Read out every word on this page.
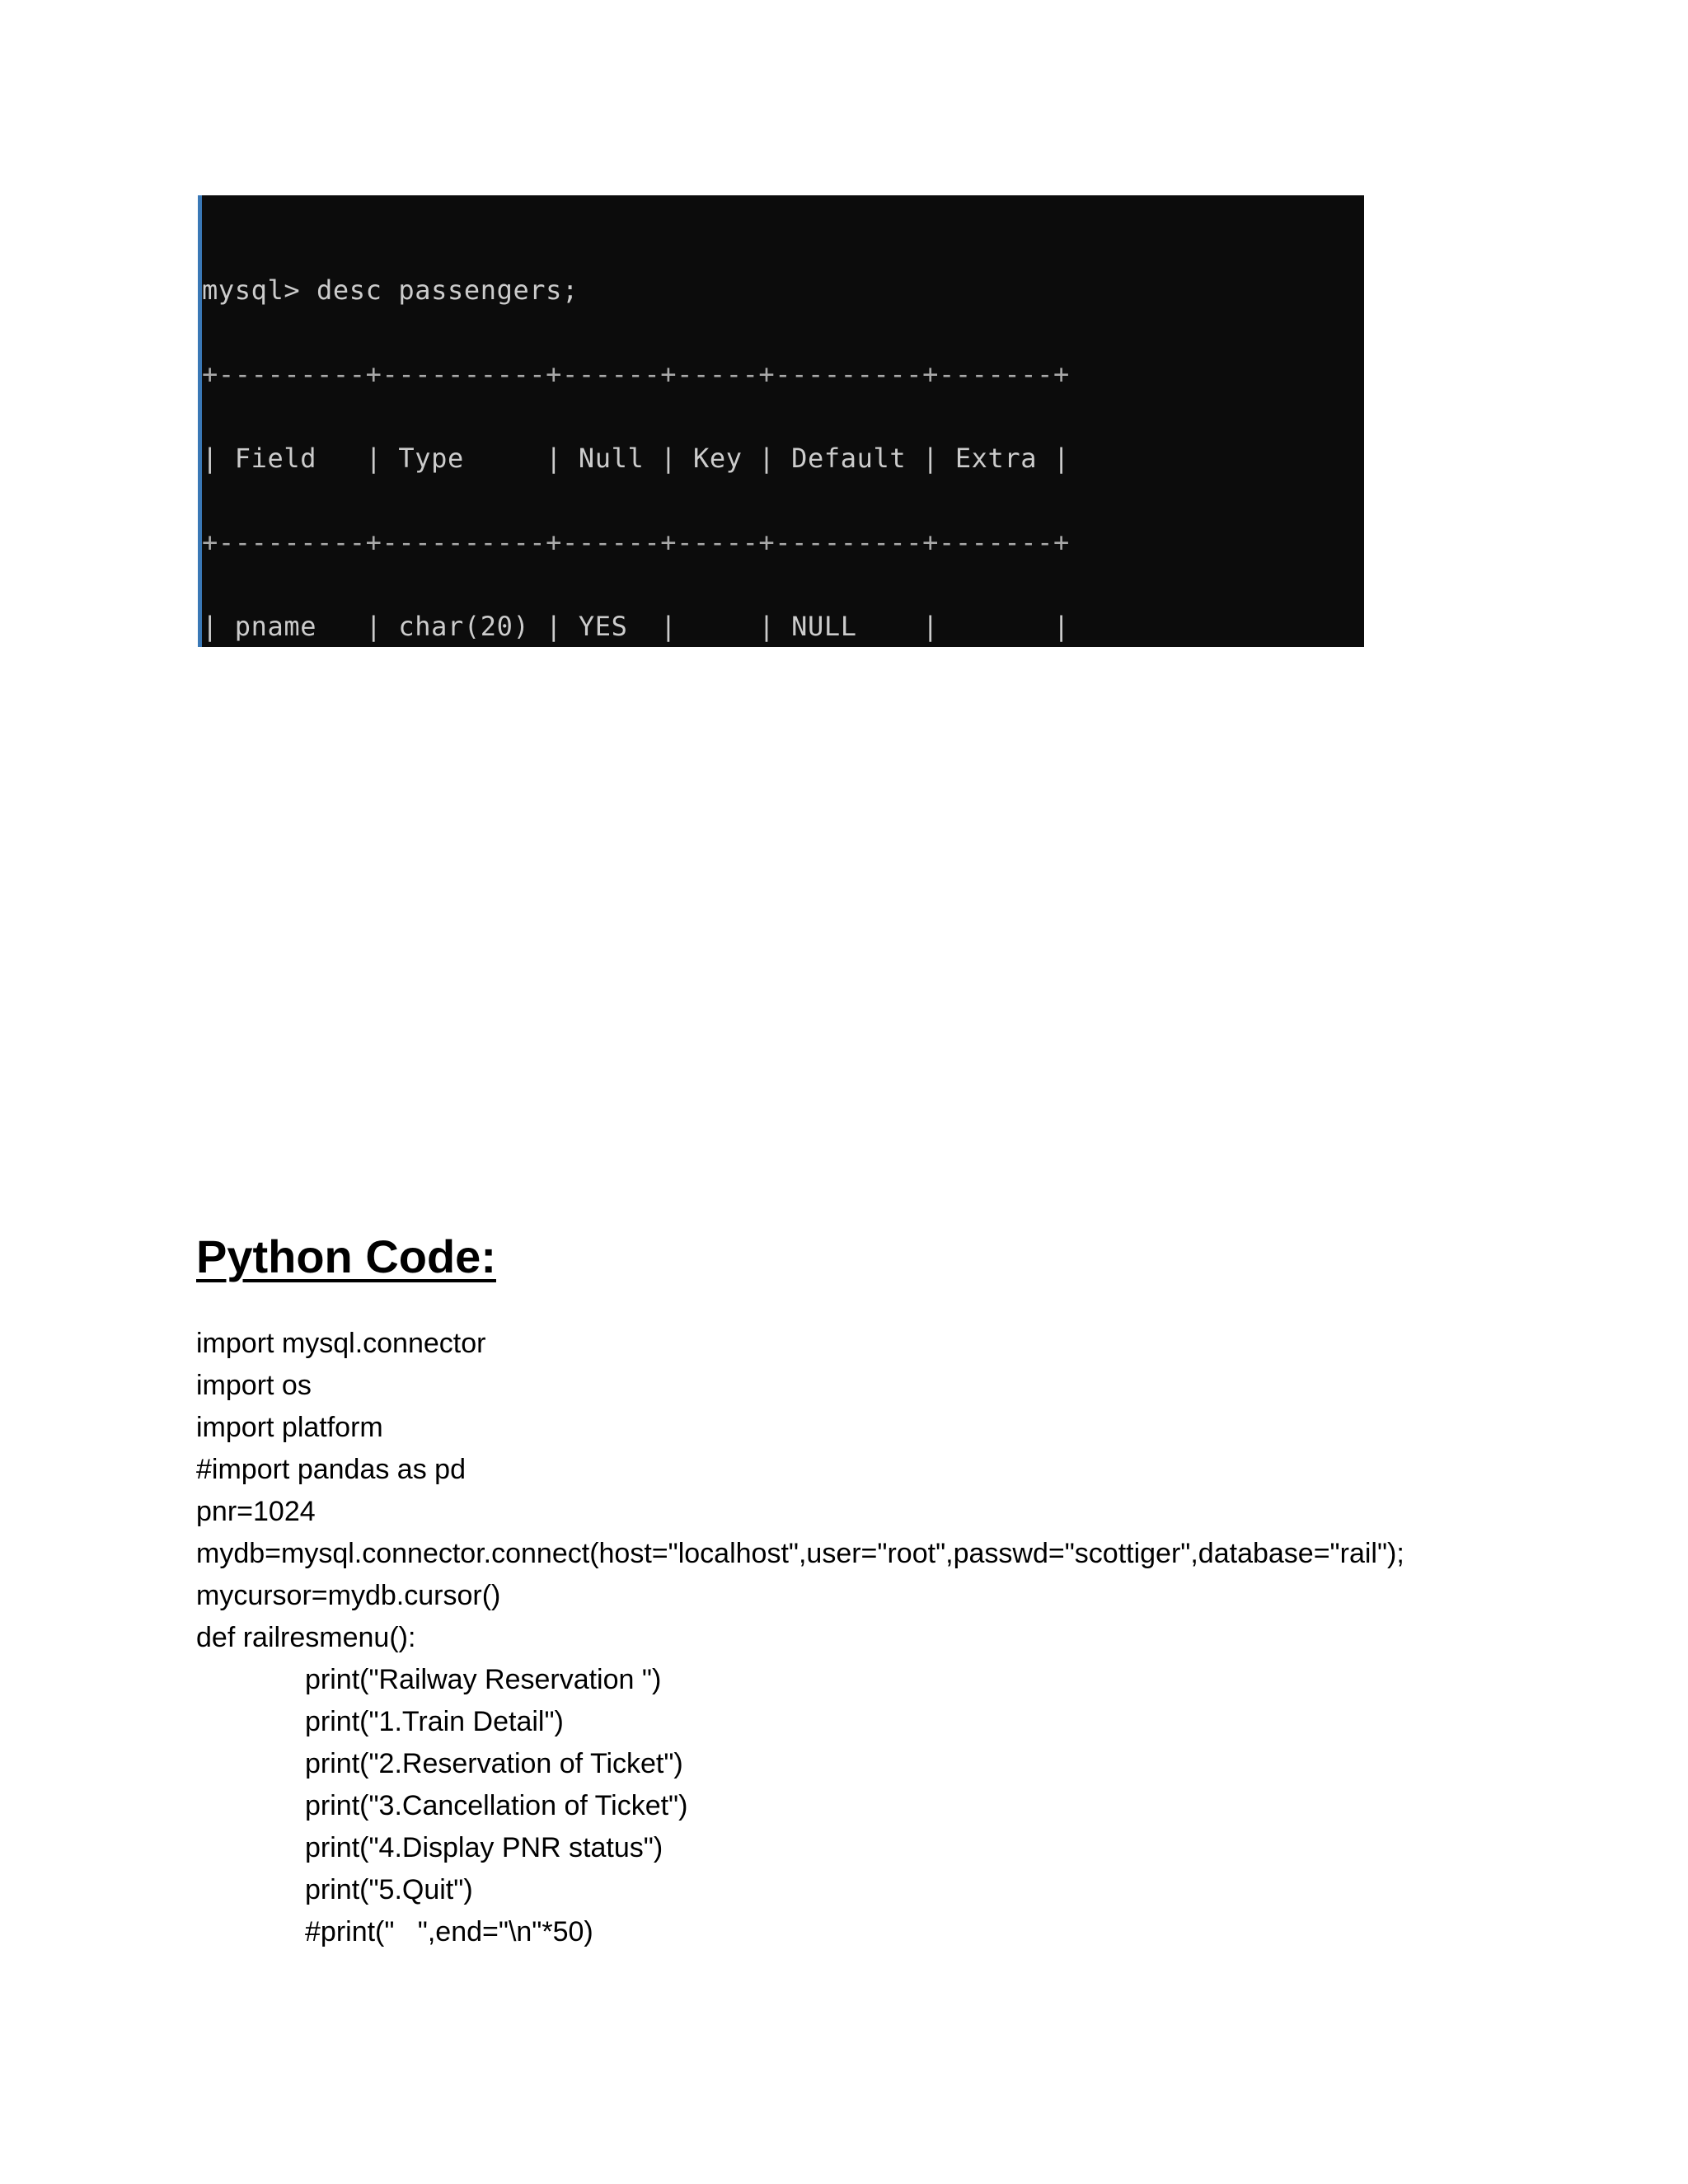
mysql> desc passengers;

+---------+----------+------+-----+---------+-------+

| Field   | Type     | Null | Key | Default | Extra |

+---------+----------+------+-----+---------+-------+

| pname   | char(20) | YES  |     | NULL    |       |

Python Code:
import mysql.connector
import os
import platform
#import pandas as pd
pnr=1024
mydb=mysql.connector.connect(host="localhost",user="root",passwd="scottiger",database="rail");
mycursor=mydb.cursor()
def railresmenu():
print("Railway Reservation ")
print("1.Train Detail")
print("2.Reservation of Ticket")
print("3.Cancellation of Ticket")
print("4.Display PNR status")
print("5.Quit")
#print("   ",end="\n"*50)
